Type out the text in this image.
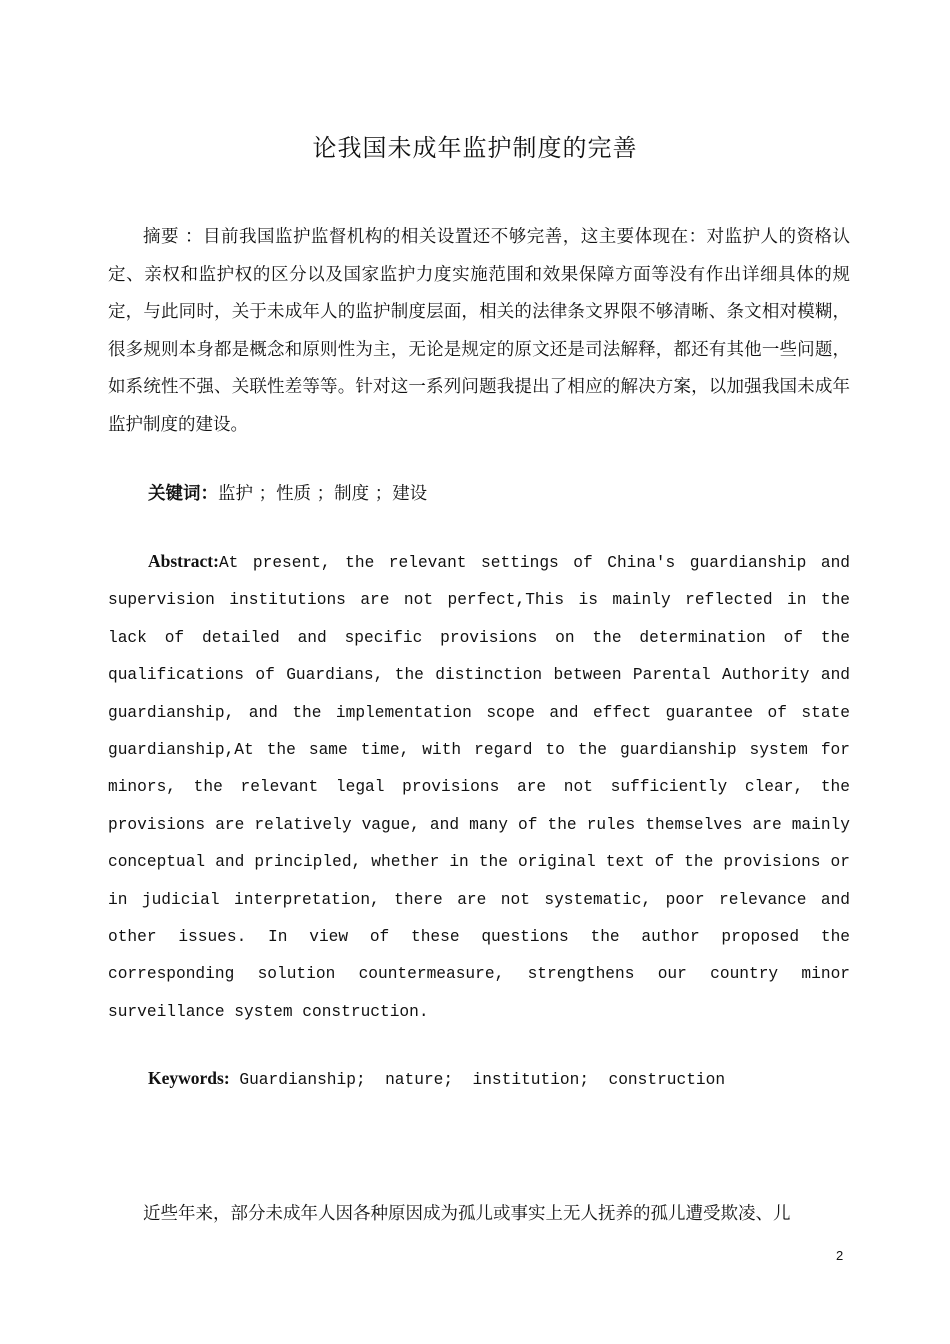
论我国未成年监护制度的完善
摘要 ：目前我国监护监督机构的相关设置还不够完善，这主要体现在：对监护人的资格认定、亲权和监护权的区分以及国家监护力度实施范围和效果保障方面等没有作出详细具体的规定，与此同时，关于未成年人的监护制度层面，相关的法律条文界限不够清晰、条文相对模糊，很多规则本身都是概念和原则性为主，无论是规定的原文还是司法解释，都还有其他一些问题，如系统性不强、关联性差等等。针对这一系列问题我提出了相应的解决方案，以加强我国未成年监护制度的建设。
关键词：监护 ；性质 ；制度 ；建设
Abstract:At present, the relevant settings of China's guardianship and supervision institutions are not perfect,This is mainly reflected in the lack of detailed and specific provisions on the determination of the qualifications of Guardians, the distinction between Parental Authority and guardianship, and the implementation scope and effect guarantee of state guardianship,At the same time, with regard to the guardianship system for minors, the relevant legal provisions are not sufficiently clear, the provisions are relatively vague, and many of the rules themselves are mainly conceptual and principled, whether in the original text of the provisions or in judicial interpretation, there are not systematic, poor relevance and other issues. In view of these questions the author proposed the corresponding solution countermeasure, strengthens our country minor surveillance system construction.
Keywords: Guardianship;  nature;  institution;  construction
近些年来，部分未成年人因各种原因成为孤儿或事实上无人抚养的孤儿遭受欺凌、儿
2
